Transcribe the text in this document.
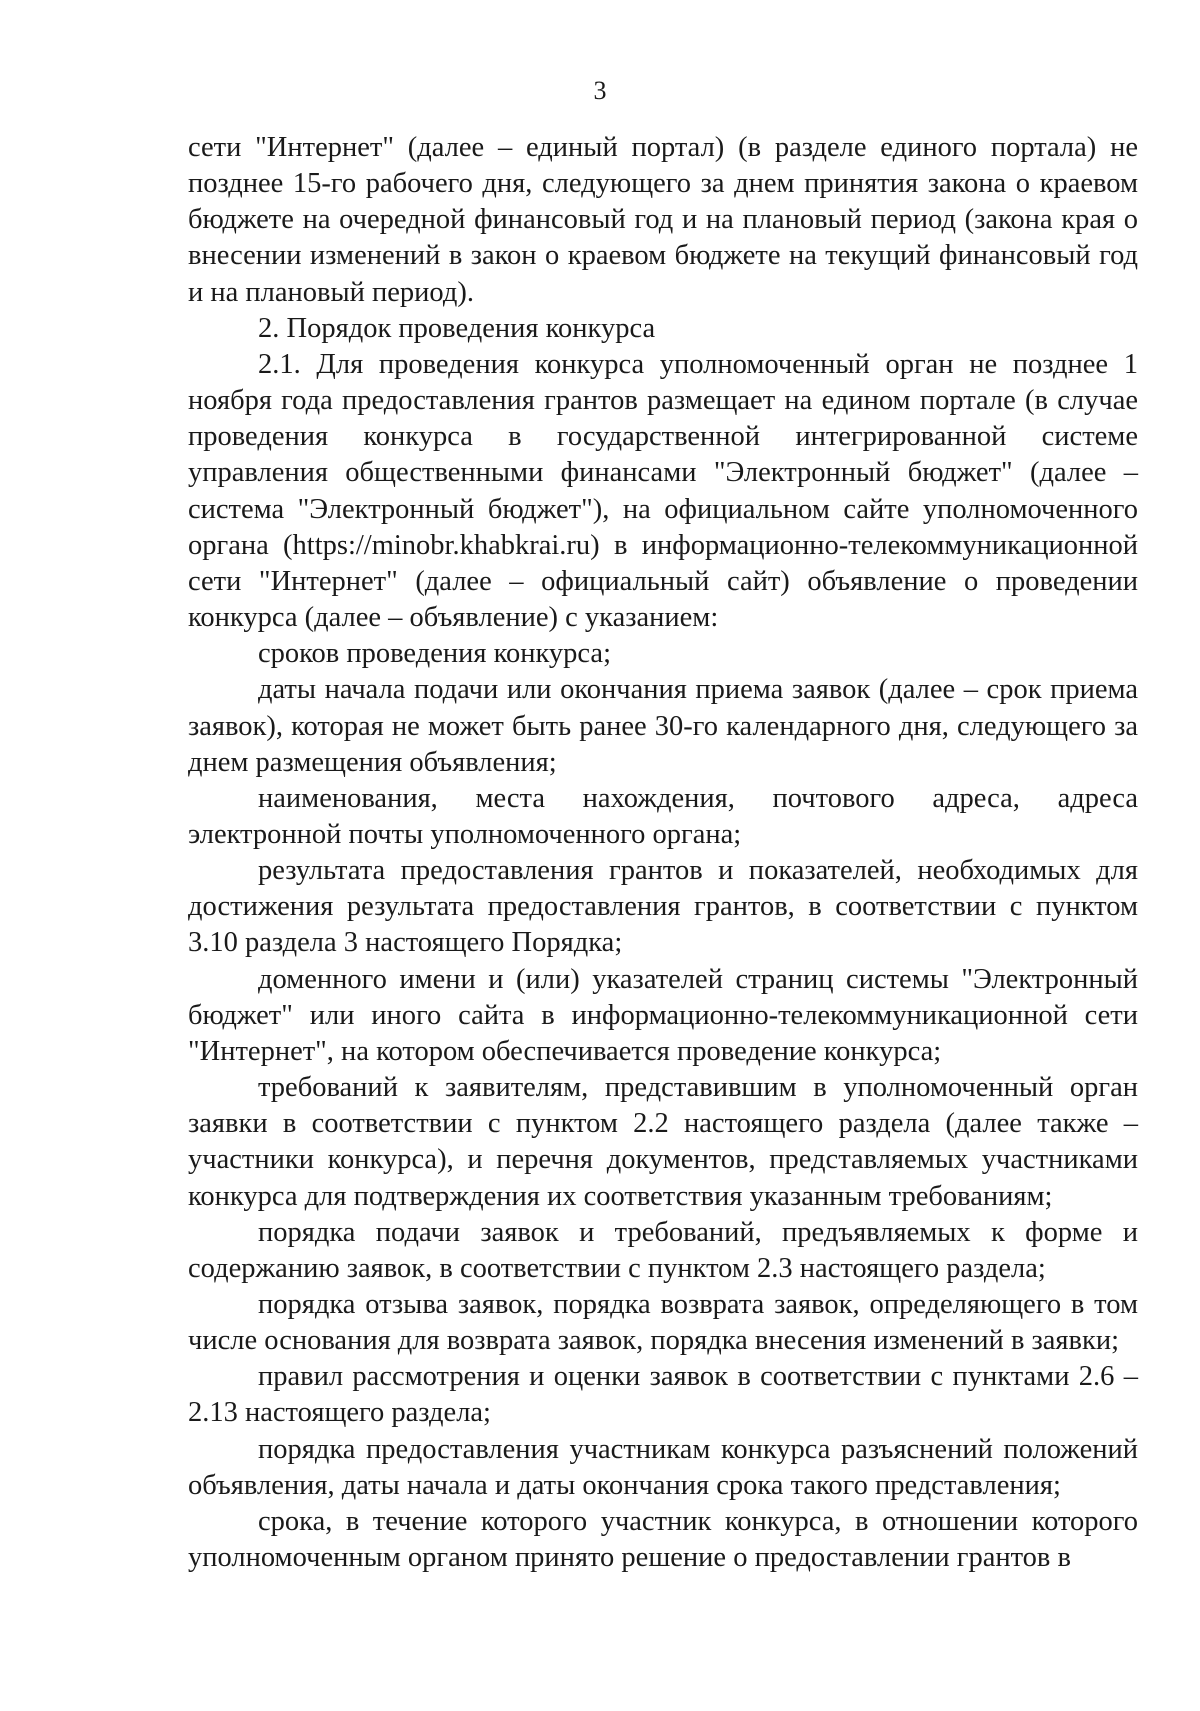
3

сети "Интернет" (далее – единый портал) (в разделе единого портала) не позднее 15-го рабочего дня, следующего за днем принятия закона о краевом бюджете на очередной финансовый год и на плановый период (закона края о внесении изменений в закон о краевом бюджете на текущий финансовый год и на плановый период).

2. Порядок проведения конкурса

2.1. Для проведения конкурса уполномоченный орган не позднее 1 ноября года предоставления грантов размещает на едином портале (в случае проведения конкурса в государственной интегрированной системе управления общественными финансами "Электронный бюджет" (далее – система "Электронный бюджет"), на официальном сайте уполномоченного органа (https://minobr.khabkrai.ru) в информационно-телекоммуникационной сети "Интернет" (далее – официальный сайт) объявление о проведении конкурса (далее – объявление) с указанием:

сроков проведения конкурса;

даты начала подачи или окончания приема заявок (далее – срок приема заявок), которая не может быть ранее 30-го календарного дня, следующего за днем размещения объявления;

наименования, места нахождения, почтового адреса, адреса электронной почты уполномоченного органа;

результата предоставления грантов и показателей, необходимых для достижения результата предоставления грантов, в соответствии с пунктом 3.10 раздела 3 настоящего Порядка;

доменного имени и (или) указателей страниц системы "Электронный бюджет" или иного сайта в информационно-телекоммуникационной сети "Интернет", на котором обеспечивается проведение конкурса;

требований к заявителям, представившим в уполномоченный орган заявки в соответствии с пунктом 2.2 настоящего раздела (далее также – участники конкурса), и перечня документов, представляемых участниками конкурса для подтверждения их соответствия указанным требованиям;

порядка подачи заявок и требований, предъявляемых к форме и содержанию заявок, в соответствии с пунктом 2.3 настоящего раздела;

порядка отзыва заявок, порядка возврата заявок, определяющего в том числе основания для возврата заявок, порядка внесения изменений в заявки;

правил рассмотрения и оценки заявок в соответствии с пунктами 2.6 – 2.13 настоящего раздела;

порядка предоставления участникам конкурса разъяснений положений объявления, даты начала и даты окончания срока такого представления;

срока, в течение которого участник конкурса, в отношении которого уполномоченным органом принято решение о предоставлении грантов в
